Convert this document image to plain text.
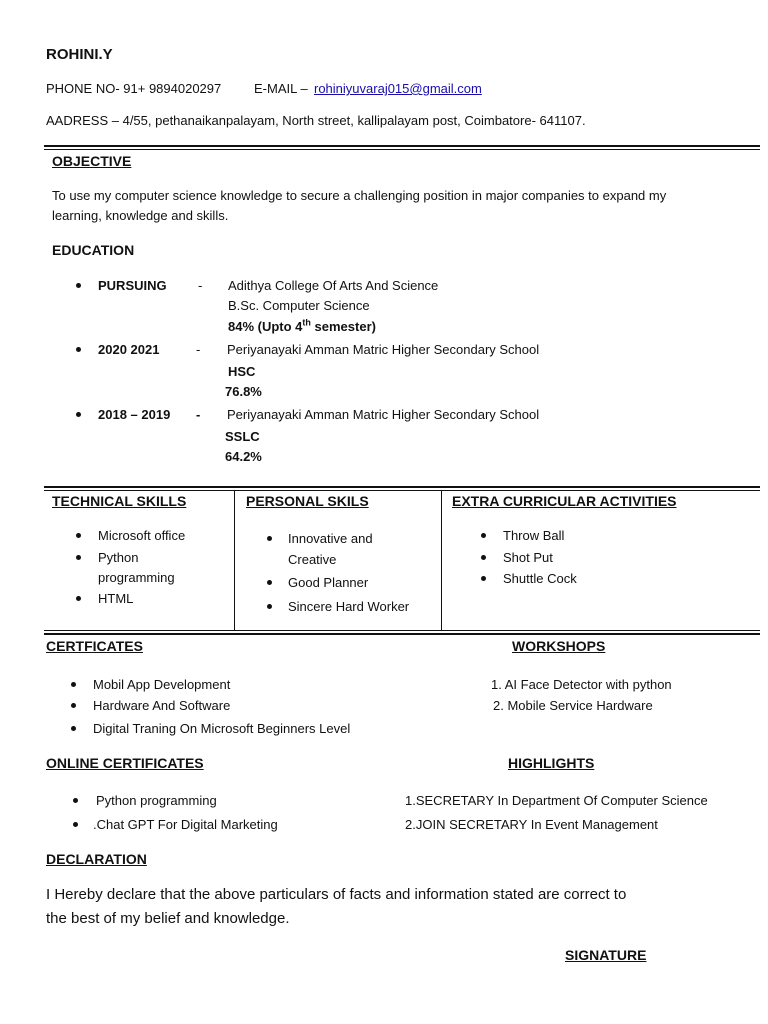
ROHINI.Y
PHONE NO- 91+ 9894020297	E-MAIL – rohiniyuvaraj015@gmail.com
AADRESS – 4/55, pethanaikanpalayam, North street, kallipalayam post, Coimbatore- 641107.
OBJECTIVE
To use my computer science knowledge to secure a challenging position in major companies to expand my
learning, knowledge and skills.
EDUCATION
PURSUING - Adithya College Of Arts And Science
B.Sc. Computer Science
84% (Upto 4th semester)
2020 2021	- Periyanayaki Amman Matric Higher Secondary School
HSC
76.8%
2018 – 2019 - Periyanayaki Amman Matric Higher Secondary School
SSLC
64.2%
TECHNICAL SKILLS
Microsoft office
Python
programming
HTML
PERSONAL SKILS
Innovative and
Creative
Good Planner
Sincere Hard Worker
EXTRA CURRICULAR ACTIVITIES
Throw Ball
Shot Put
Shuttle Cock
CERTFICATES	WORKSHOPS
Mobil App Development
Hardware And Software
Digital Traning On Microsoft Beginners Level
1. AI Face Detector with python
2. Mobile Service Hardware
ONLINE CERTIFICATES	HIGHLIGHTS
Python programming
.Chat GPT For Digital Marketing
1.SECRETARY In Department Of Computer Science
2.JOIN SECRETARY In Event Management
DECLARATION
I Hereby declare that the above particulars of facts and information stated are correct to
the best of my belief and knowledge.
SIGNATURE
